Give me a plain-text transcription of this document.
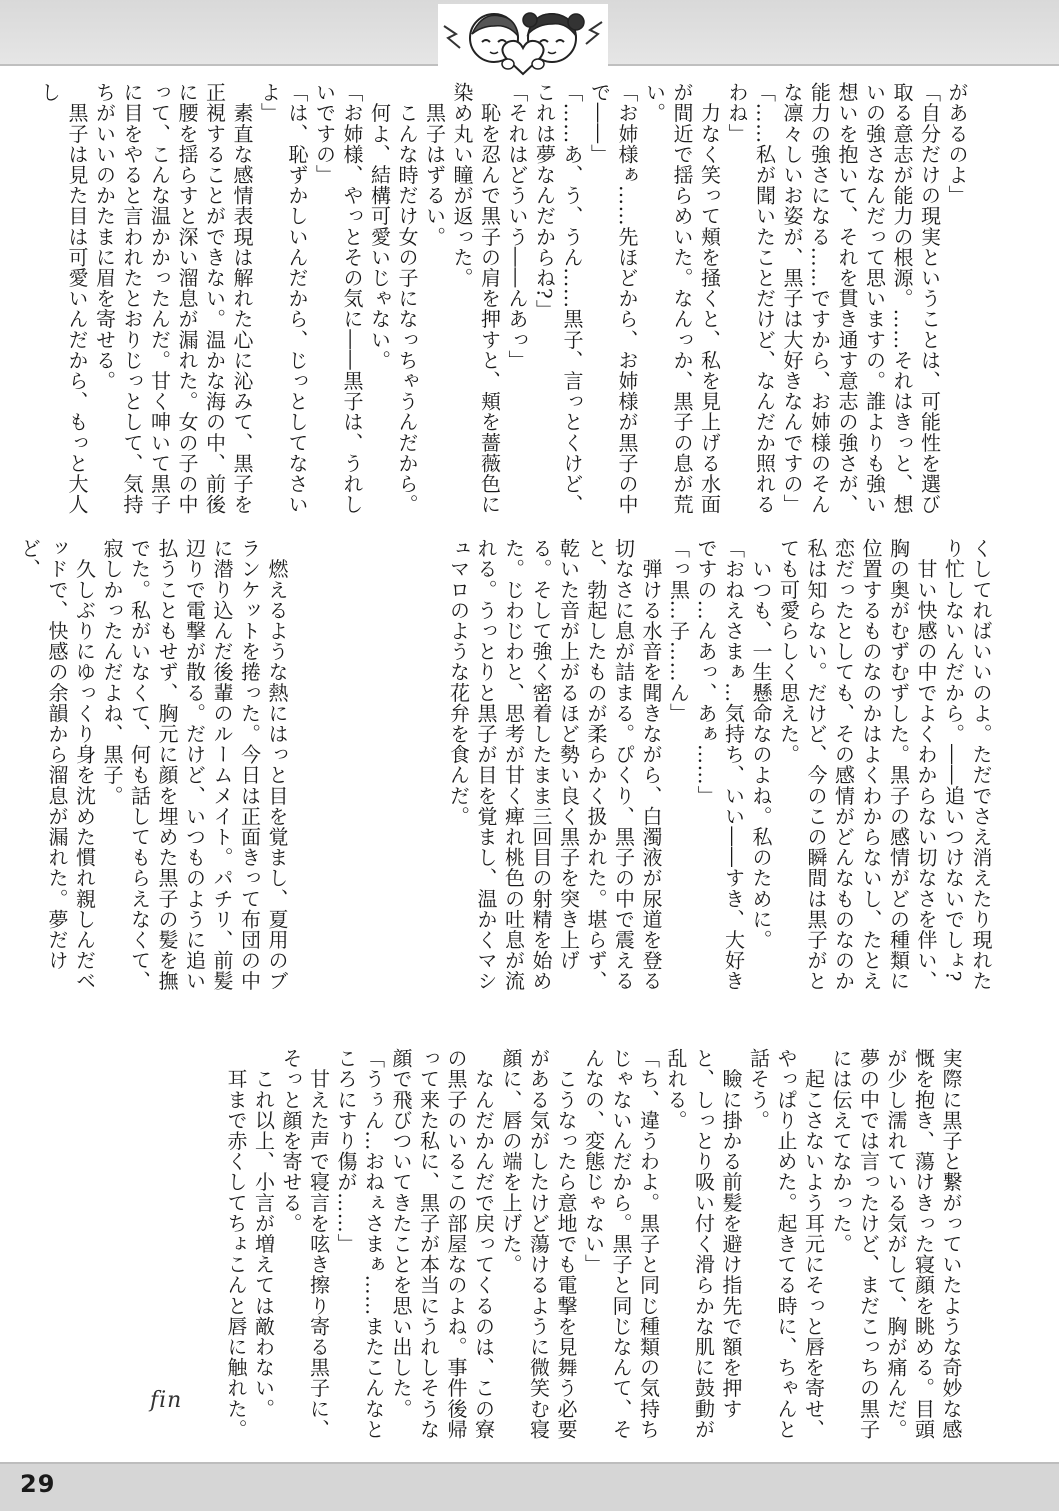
があるのよ」

「自分だけの現実ということは、可能性を選び取る意志が能力の根源。……それはきっと、想いの強さなんだって思いますの。誰よりも強い想いを抱いて、それを貫き通す意志の強さが、能力の強さになる……ですから、お姉様のそんな凛々しいお姿が、黒子は大好きなんですの」

「……私が聞いたことだけど、なんだか照れるわね」

　力なく笑って頬を掻くと、私を見上げる水面が間近で揺らめいた。なんっか、黒子の息が荒い。

「お姉様ぁ……先ほどから、お姉様が黒子の中で――」

「……あ、う、うん……黒子、言っとくけど、これは夢なんだからね?」

「それはどういう――んあっ」

　恥を忍んで黒子の肩を押すと、頬を薔薇色に染め丸い瞳が返った。

　黒子はずるい。

　こんな時だけ女の子になっちゃうんだから。

　何よ、結構可愛いじゃない。

「お姉様、やっとその気に――黒子は、うれしいですの」

「は、恥ずかしいんだから、じっとしてなさいよ」

　素直な感情表現は解れた心に沁みて、黒子を正視することができない。温かな海の中、前後に腰を揺らすと深い溜息が漏れた。女の子の中って、こんな温かかったんだ。甘く呻いて黒子に目をやると言われたとおりじっとして、気持ちがいいのかたまに眉を寄せる。

　黒子は見た目は可愛いんだから、もっと大人し

くしてればいいのよ。ただでさえ消えたり現れたり忙しないんだから。――追いつけないでしょ?

　甘い快感の中でよくわからない切なさを伴い、胸の奥がむずむずした。黒子の感情がどの種類に位置するものなのかはよくわからないし、たとえ恋だったとしても、その感情がどんなものなのか私は知らない。だけど、今のこの瞬間は黒子がとても可愛らしく思えた。

　いつも、一生懸命なのよね。私のために。

「おねえさまぁ…気持ち、いい――すき、大好きですの…んあっ、あぁ……」

「っ黒…子……ん」

　弾ける水音を聞きながら、白濁液が尿道を登る切なさに息が詰まる。ぴくり、黒子の中で震えると、勃起したものが柔らかく扱かれた。堪らず、乾いた音が上がるほど勢い良く黒子を突き上げる。そして強く密着したまま三回目の射精を始めた。じわじわと、思考が甘く痺れ桃色の吐息が流れる。うっとりと黒子が目を覚まし、温かくマシュマロのような花弁を食んだ。

　燃えるような熱にはっと目を覚まし、夏用のブランケットを捲った。今日は正面きって布団の中に潜り込んだ後輩のルームメイト。パチリ、前髪辺りで電撃が散る。だけど、いつものように追い払うこともせず、胸元に顔を埋めた黒子の髪を撫でた。私がいなくて、何も話してもらえなくて、寂しかったんだよね、黒子。

　久しぶりにゆっくり身を沈めた慣れ親しんだベッドで、快感の余韻から溜息が漏れた。夢だけど、

実際に黒子と繋がっていたような奇妙な感慨を抱き、蕩けきった寝顔を眺める。目頭が少し濡れている気がして、胸が痛んだ。夢の中では言ったけど、まだこっちの黒子には伝えてなかった。

　起こさないよう耳元にそっと唇を寄せ、やっぱり止めた。起きてる時に、ちゃんと話そう。

　瞼に掛かる前髪を避け指先で額を押すと、しっとり吸い付く滑らかな肌に鼓動が乱れる。

「ち、違うわよ。黒子と同じ種類の気持ちじゃないんだから。黒子と同じなんて、そんなの、変態じゃない」

　こうなったら意地でも電撃を見舞う必要がある気がしたけど蕩けるように微笑む寝顔に、唇の端を上げた。

　なんだかんだで戻ってくるのは、この寮の黒子のいるこの部屋なのよね。事件後帰って来た私に、黒子が本当にうれしそうな顔で飛びついてきたことを思い出した。

「うぅん…おねぇさまぁ……またこんなところにすり傷が……」

　甘えた声で寝言を呟き擦り寄る黒子に、そっと顔を寄せる。

　これ以上、小言が増えては敵わない。

　耳まで赤くしてちょこんと唇に触れた。

fin
29
